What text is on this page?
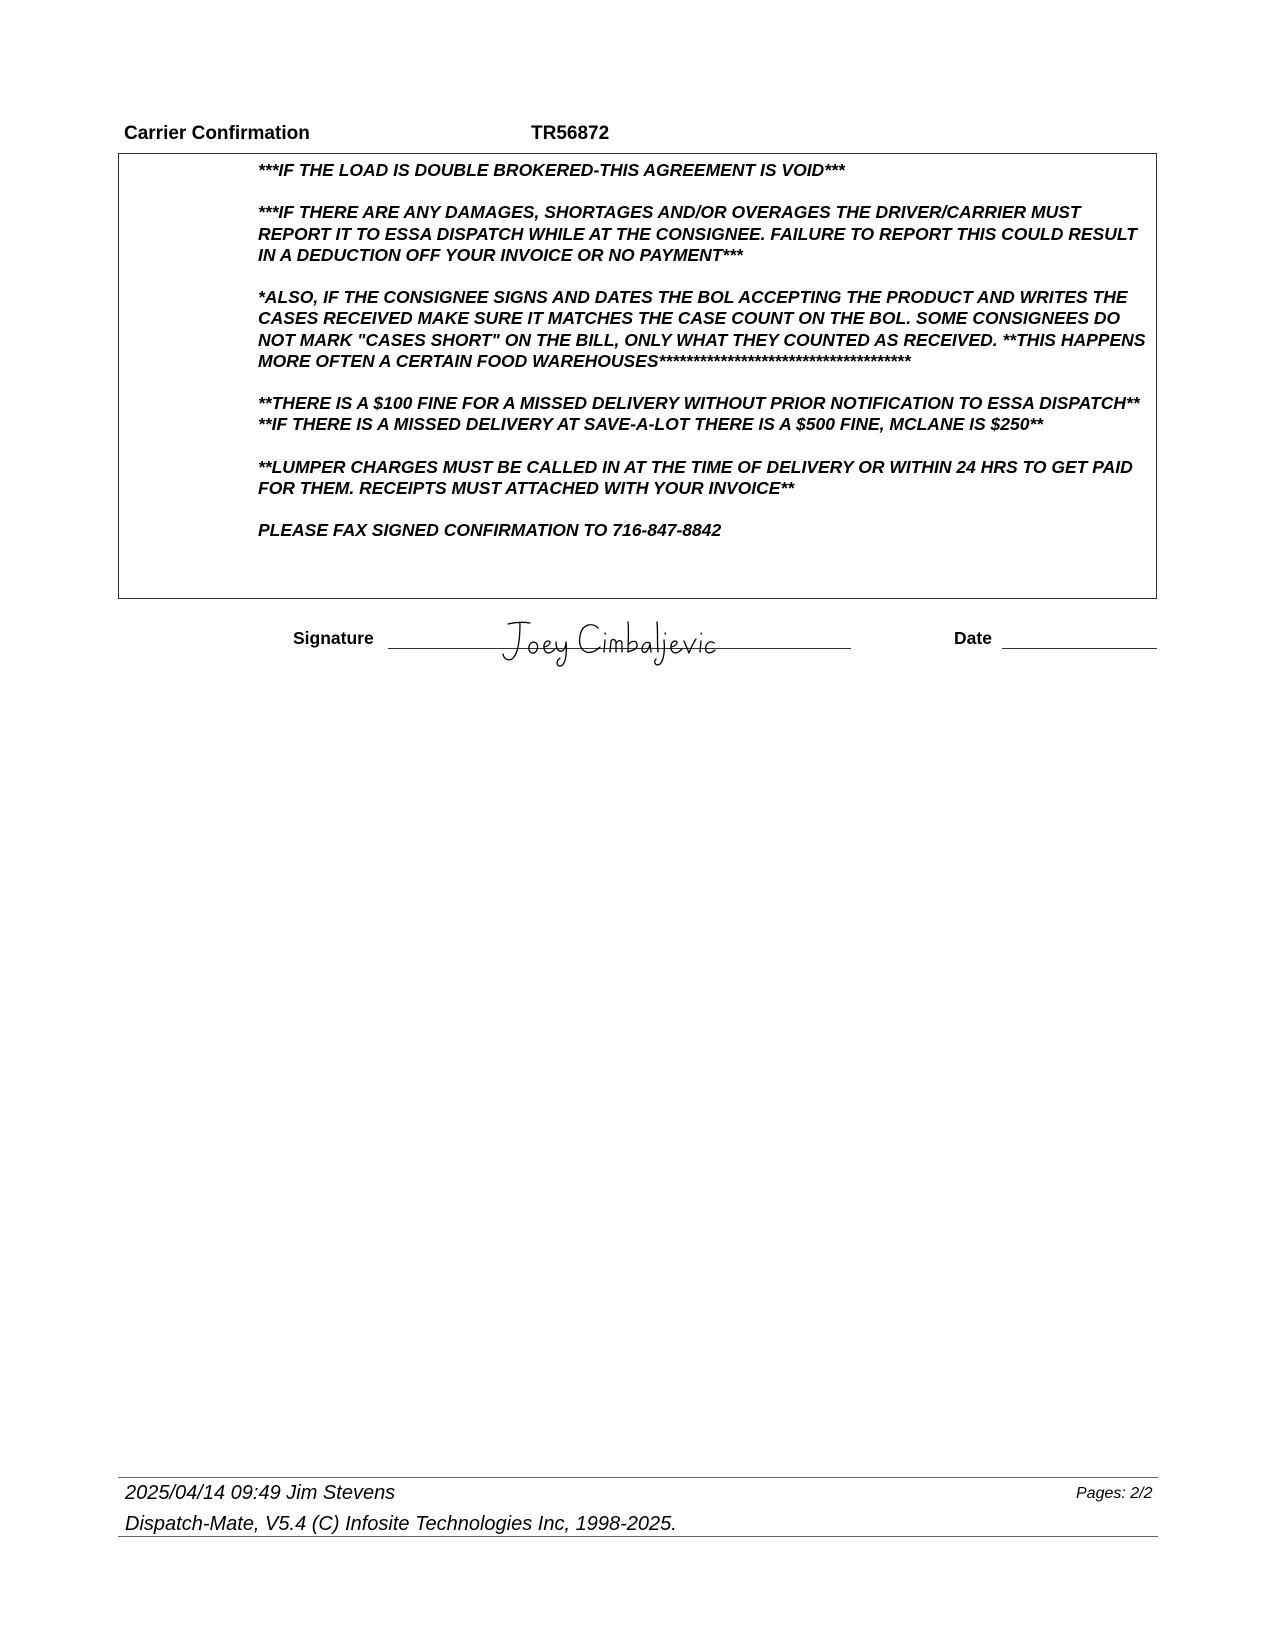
Carrier Confirmation	TR56872

***IF THE LOAD IS DOUBLE BROKERED-THIS AGREEMENT IS VOID***

***IF THERE ARE ANY DAMAGES, SHORTAGES AND/OR OVERAGES THE DRIVER/CARRIER MUST REPORT IT TO ESSA DISPATCH WHILE AT THE CONSIGNEE. FAILURE TO REPORT THIS COULD RESULT IN A DEDUCTION OFF YOUR INVOICE OR NO PAYMENT***

*ALSO, IF THE CONSIGNEE SIGNS AND DATES THE BOL ACCEPTING THE PRODUCT AND WRITES THE CASES RECEIVED MAKE SURE IT MATCHES THE CASE COUNT ON THE BOL. SOME CONSIGNEES DO NOT MARK "CASES SHORT" ON THE BILL, ONLY WHAT THEY COUNTED AS RECEIVED. **THIS HAPPENS MORE OFTEN A CERTAIN FOOD WAREHOUSES*************************************

**THERE IS A $100 FINE FOR A MISSED DELIVERY WITHOUT PRIOR NOTIFICATION TO ESSA DISPATCH**

**IF THERE IS A MISSED DELIVERY AT SAVE-A-LOT THERE IS A $500 FINE, MCLANE IS $250**

**LUMPER CHARGES MUST BE CALLED IN AT THE TIME OF DELIVERY OR WITHIN 24 HRS TO GET PAID FOR THEM. RECEIPTS MUST ATTACHED WITH YOUR INVOICE**

PLEASE FAX SIGNED CONFIRMATION TO 716-847-8842

Signature	Date
2025/04/14 09:49 Jim Stevens	Pages: 2/2
Dispatch-Mate, V5.4 (C) Infosite Technologies Inc, 1998-2025.
